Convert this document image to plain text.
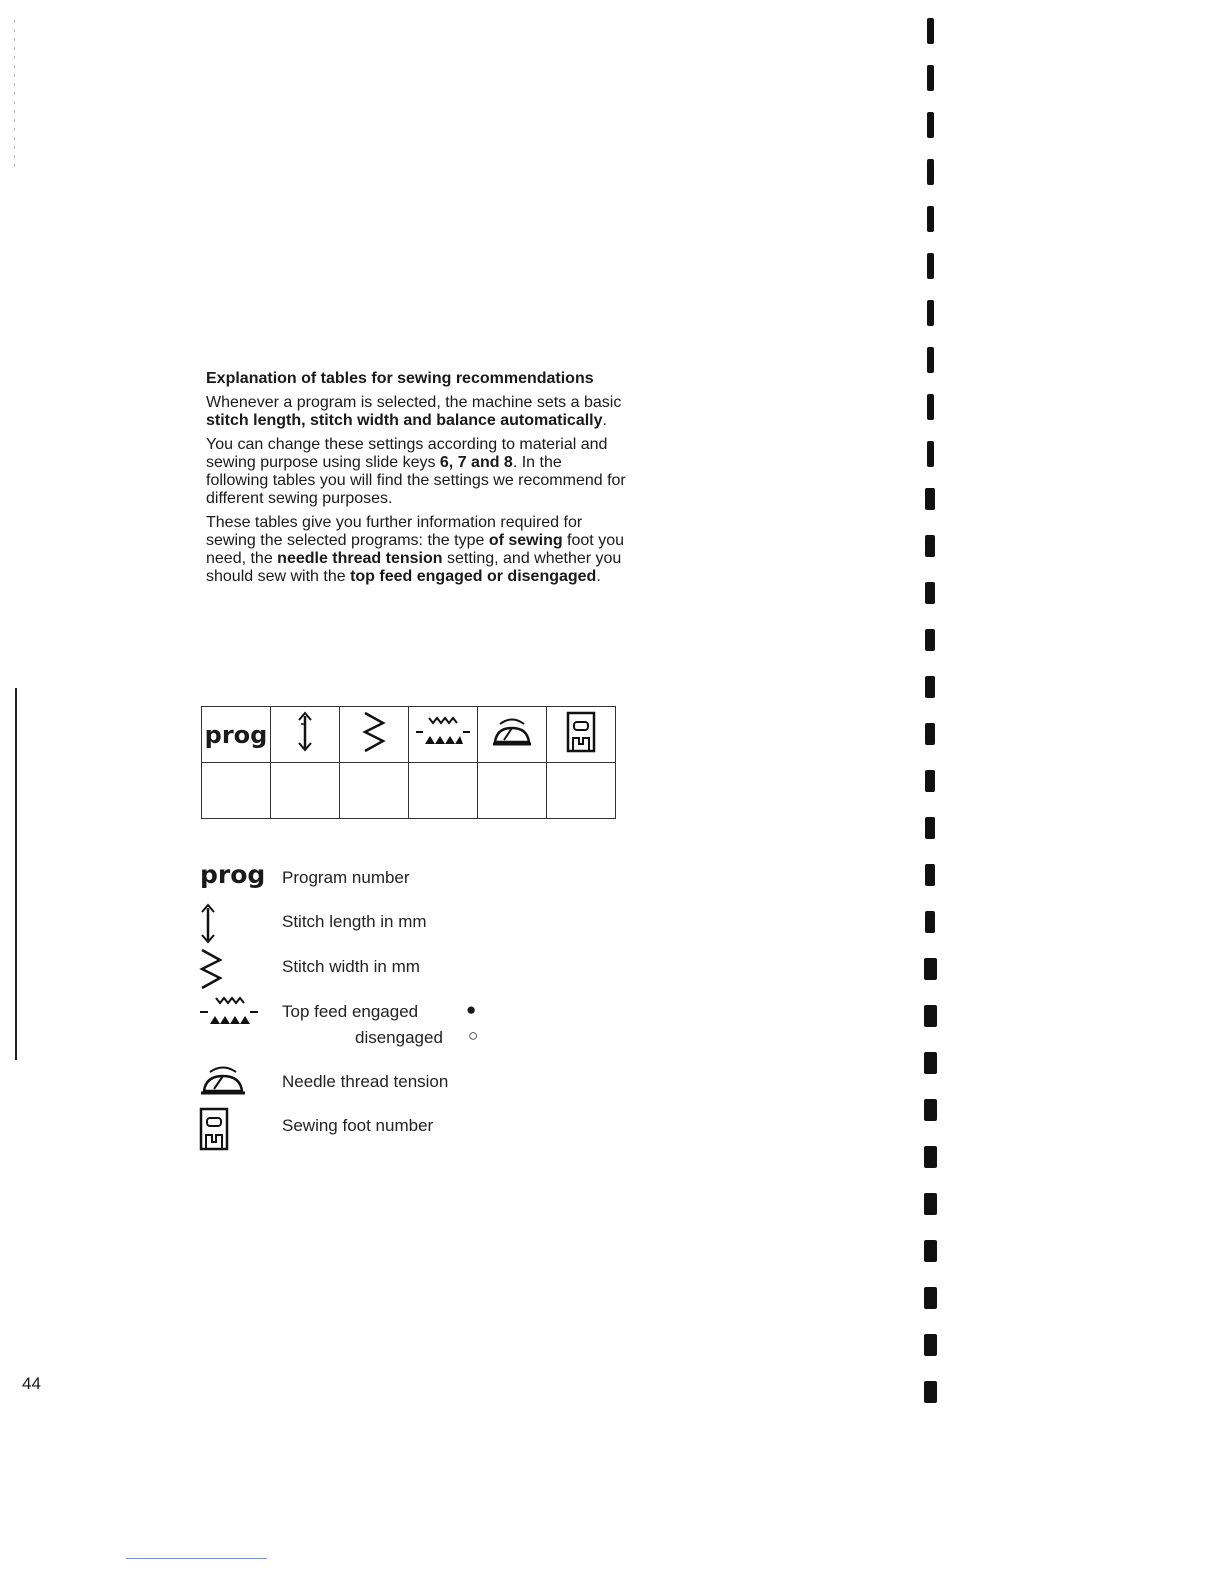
Explanation of tables for sewing recommendations

Whenever a program is selected, the machine sets a basic stitch length, stitch width and balance automatically.

You can change these settings according to material and sewing purpose using slide keys 6, 7 and 8. In the following tables you will find the settings we recommend for different sewing purposes.

These tables give you further information required for sewing the selected programs: the type of sewing foot you need, the needle thread tension setting, and whether you should sew with the top feed engaged or disengaged.

prog					

prog Program number
Stitch length in mm
Stitch width in mm
Top feed engaged	●
disengaged ○
Needle thread tension
Sewing foot number
44
